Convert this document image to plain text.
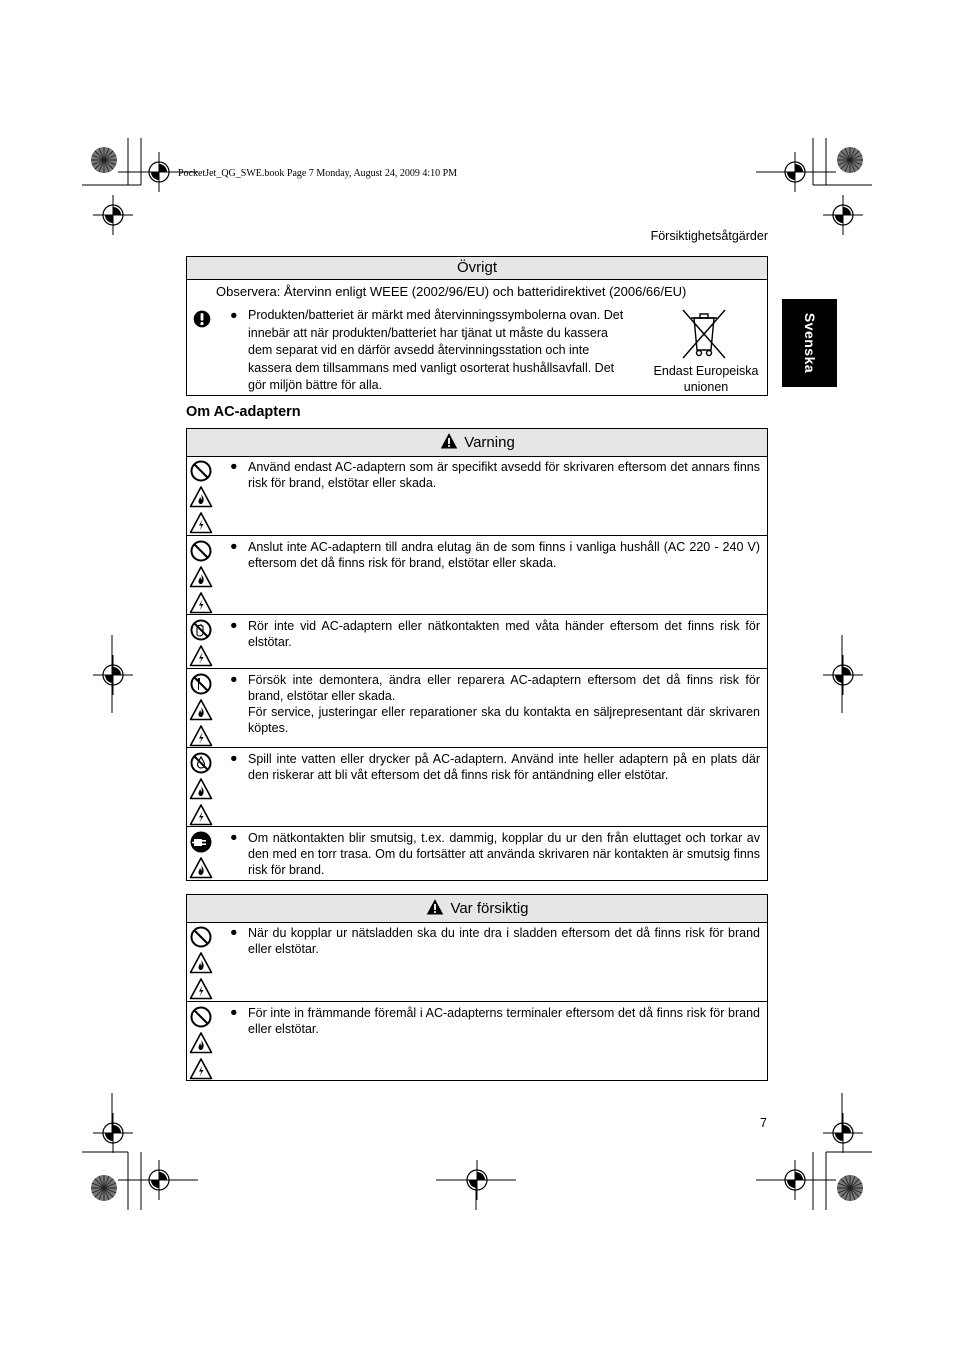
PocketJet_QG_SWE.book Page 7 Monday, August 24, 2009 4:10 PM
Försiktighetsåtgärder
Svenska
Övrigt
Observera: Återvinn enligt WEEE (2002/96/EU) och batteridirektivet (2006/66/EU)
● Produkten/batteriet är märkt med återvinningssymbolerna ovan. Det innebär att när produkten/batteriet har tjänat ut måste du kassera dem separat vid en därför avsedd återvinningsstation och inte kassera dem tillsammans med vanligt osorterat hushållsavfall. Det gör miljön bättre för alla.
Endast Europeiska
unionen
Om AC-adaptern
Varning
● Använd endast AC-adaptern som är specifikt avsedd för skrivaren eftersom det annars finns risk för brand, elstötar eller skada.
● Anslut inte AC-adaptern till andra elutag än de som finns i vanliga hushåll (AC 220 - 240 V) eftersom det då finns risk för brand, elstötar eller skada.
● Rör inte vid AC-adaptern eller nätkontakten med våta händer eftersom det finns risk för elstötar.
● Försök inte demontera, ändra eller reparera AC-adaptern eftersom det då finns risk för brand, elstötar eller skada.
För service, justeringar eller reparationer ska du kontakta en säljrepresentant där skrivaren köptes.
● Spill inte vatten eller drycker på AC-adaptern. Använd inte heller adaptern på en plats där den riskerar att bli våt eftersom det då finns risk för antändning eller elstötar.
● Om nätkontakten blir smutsig, t.ex. dammig, kopplar du ur den från eluttaget och torkar av den med en torr trasa. Om du fortsätter att använda skrivaren när kontakten är smutsig finns risk för brand.
Var försiktig
● När du kopplar ur nätsladden ska du inte dra i sladden eftersom det då finns risk för brand eller elstötar.
● För inte in främmande föremål i AC-adapterns terminaler eftersom det då finns risk för brand eller elstötar.
7
